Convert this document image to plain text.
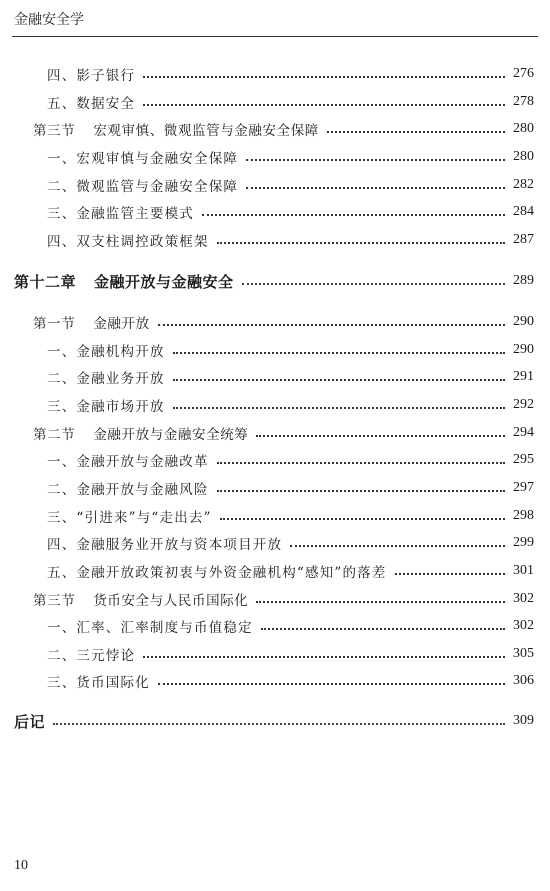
金融安全学
四、影子银行	276
五、数据安全	278
第三节 宏观审慎、微观监管与金融安全保障	280
一、宏观审慎与金融安全保障	280
二、微观监管与金融安全保障	282
三、金融监管主要模式	284
四、双支柱调控政策框架	287
第十二章 金融开放与金融安全	289
第一节 金融开放	290
一、金融机构开放	290
二、金融业务开放	291
三、金融市场开放	292
第二节 金融开放与金融安全统筹	294
一、金融开放与金融改革	295
二、金融开放与金融风险	297
三、“引进来”与“走出去”	298
四、金融服务业开放与资本项目开放	299
五、金融开放政策初衷与外资金融机构“感知”的落差	301
第三节 货币安全与人民币国际化	302
一、汇率、汇率制度与币值稳定	302
二、三元悖论	305
三、货币国际化	306
后记	309
10
